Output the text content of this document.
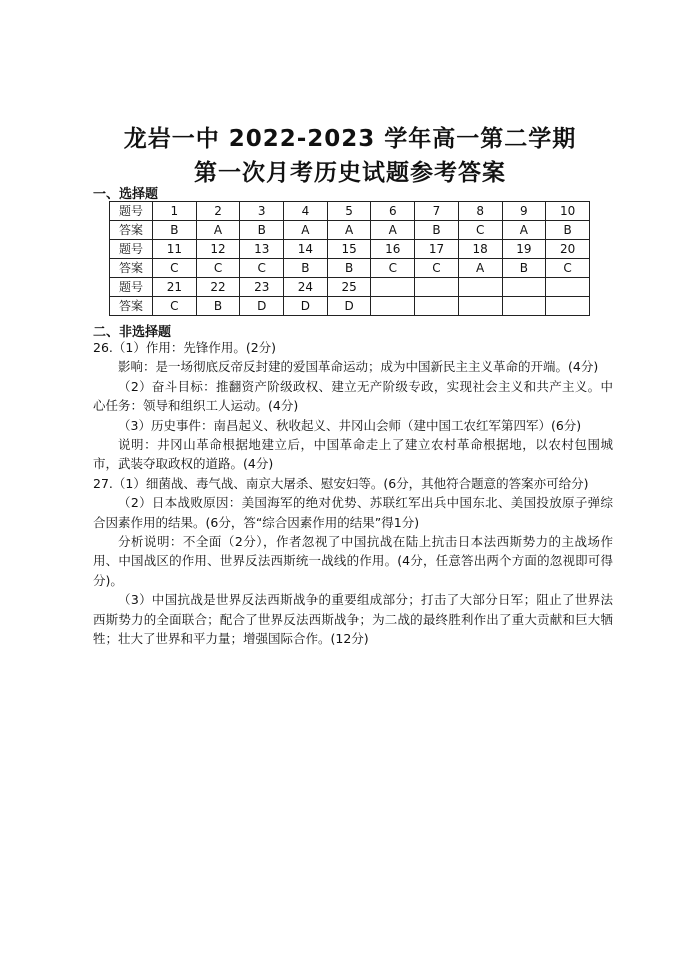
龙岩一中 2022-2023 学年高一第二学期
第一次月考历史试题参考答案
一、选择题
题号	1	2	3	4	5	6	7	8	9	10
答案	B	A	B	A	A	A	B	C	A	B
题号	11	12	13	14	15	16	17	18	19	20
答案	C	C	C	B	B	C	C	A	B	C
题号	21	22	23	24	25					
答案	C	B	D	D	D					
二、非选择题

26.（1）作用：先锋作用。(2分)

影响：是一场彻底反帝反封建的爱国革命运动；成为中国新民主主义革命的开端。(4分)

（2）奋斗目标：推翻资产阶级政权、建立无产阶级专政，实现社会主义和共产主义。中心任务：领导和组织工人运动。(4分)

（3）历史事件：南昌起义、秋收起义、井冈山会师（建中国工农红军第四军）(6分)

说明：井冈山革命根据地建立后，中国革命走上了建立农村革命根据地，以农村包围城市，武装夺取政权的道路。(4分)

27.（1）细菌战、毒气战、南京大屠杀、慰安妇等。(6分，其他符合题意的答案亦可给分)

（2）日本战败原因：美国海军的绝对优势、苏联红军出兵中国东北、美国投放原子弹综合因素作用的结果。(6分，答“综合因素作用的结果”得1分)

分析说明：不全面（2分），作者忽视了中国抗战在陆上抗击日本法西斯势力的主战场作用、中国战区的作用、世界反法西斯统一战线的作用。(4分，任意答出两个方面的忽视即可得分)。

（3）中国抗战是世界反法西斯战争的重要组成部分；打击了大部分日军；阻止了世界法西斯势力的全面联合；配合了世界反法西斯战争；为二战的最终胜利作出了重大贡献和巨大牺牲；壮大了世界和平力量；增强国际合作。(12分)
